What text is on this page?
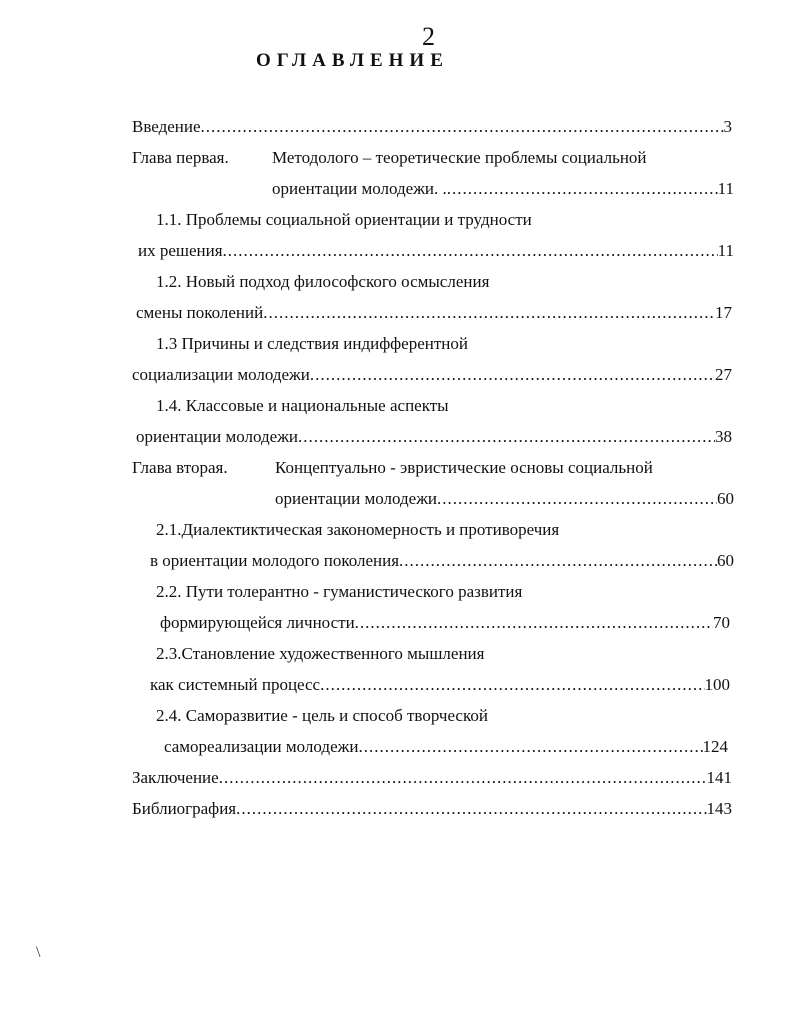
2
ОГЛАВЛЕНИЕ
Введение .....	3
Глава первая.	Методолого – теоретические проблемы социальной
ориентации молодежи. . .....	11
1.1. Проблемы социальной ориентации и трудности
их решения .....	11
1.2. Новый подход философского осмысления
смены поколений .....	17
1.3 Причины и следствия индифферентной
социализации молодежи .....	27
1.4. Классовые и национальные аспекты
ориентации молодежи .....	38
Глава вторая.	Концептуально - эвристические основы социальной
ориентации молодежи .....	60
2.1.Диалектиктическая закономерность и противоречия
в ориентации молодого поколения .....	60
2.2. Пути толерантно - гуманистического развития
формирующейся личности .....	70
2.3.Становление художественного мышления
как системный процесс .....	100
2.4. Саморазвитие - цель и способ творческой
самореализации молодежи .....	124
Заключение .....	141
Библиография .....	143
\
